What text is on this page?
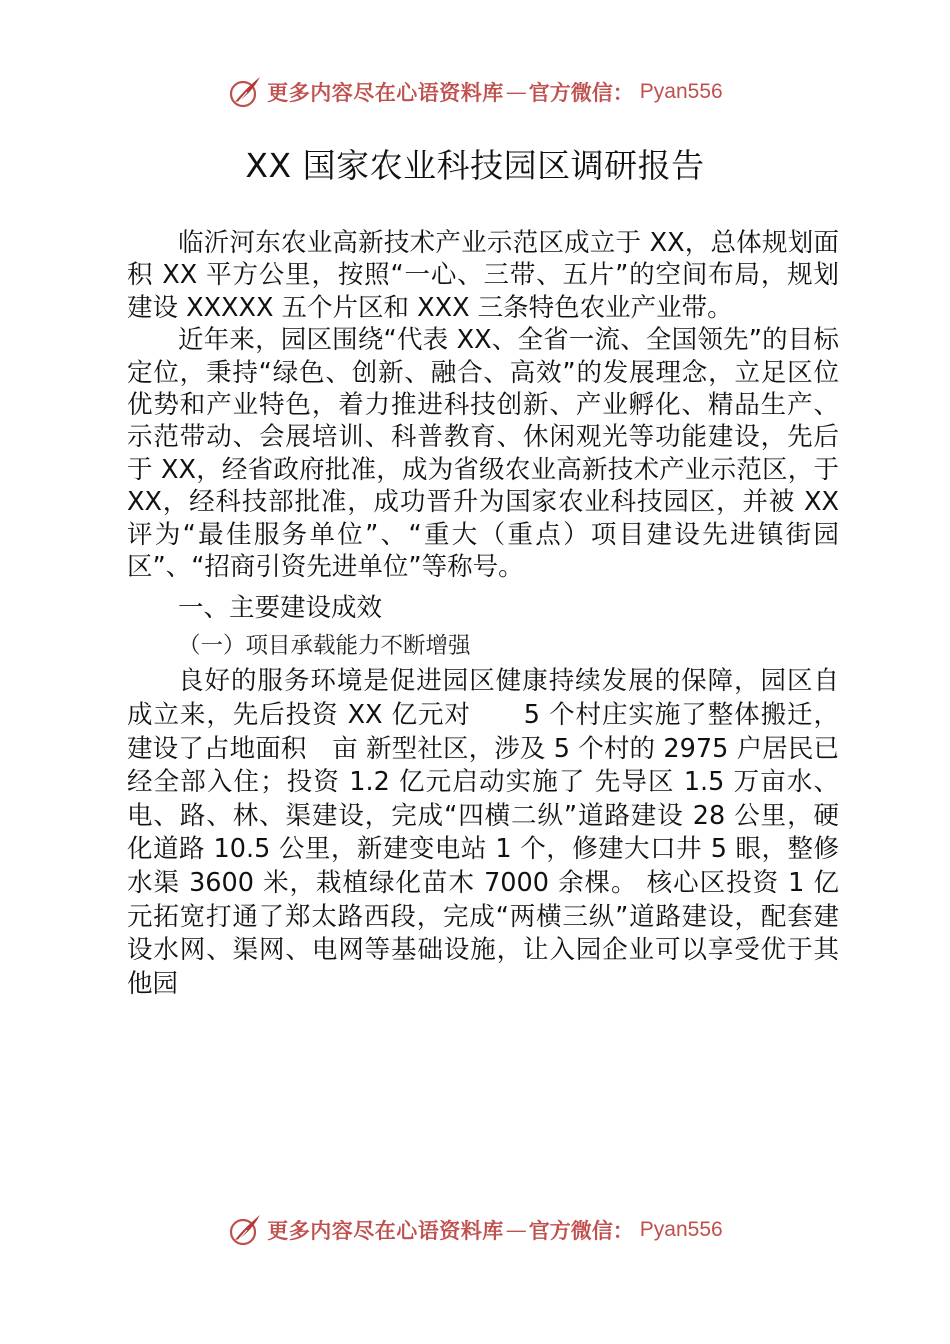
更多内容尽在心语资料库 — 官方微信： Pyan556
XX 国家农业科技园区调研报告

临沂河东农业高新技术产业示范区成立于 XX，总体规划面积 XX 平方公里，按照“一心、三带、五片”的空间布局，规划建设 XXXXX 五个片区和 XXX 三条特色农业产业带。

近年来，园区围绕“代表 XX、全省一流、全国领先”的目标定位，秉持“绿色、创新、融合、高效”的发展理念，立足区位优势和产业特色，着力推进科技创新、产业孵化、精品生产、示范带动、会展培训、科普教育、休闲观光等功能建设，先后于 XX，经省政府批准，成为省级农业高新技术产业示范区，于 XX，经科技部批准，成功晋升为国家农业科技园区，并被 XX 评为“最佳服务单位”、“重大（重点）项目建设先进镇街园区”、“招商引资先进单位”等称号。

一、主要建设成效
（一）项目承载能力不断增强

良好的服务环境是促进园区健康持续发展的保障，园区自成立来，先后投资 XX 亿元对　　5 个村庄实施了整体搬迁，建设了占地面积　亩 新型社区，涉及 5 个村的 2975 户居民已经全部入住；投资 1.2 亿元启动实施了 先导区 1.5 万亩水、电、路、林、渠建设，完成“四横二纵”道路建设 28 公里，硬化道路 10.5 公里，新建变电站 1 个，修建大口井 5 眼，整修水渠 3600 米，栽植绿化苗木 7000 余棵。 核心区投资 1 亿元拓宽打通了郑太路西段，完成“两横三纵”道路建设，配套建设水网、渠网、电网等基础设施，让入园企业可以享受优于其他园

更多内容尽在心语资料库 — 官方微信： Pyan556
